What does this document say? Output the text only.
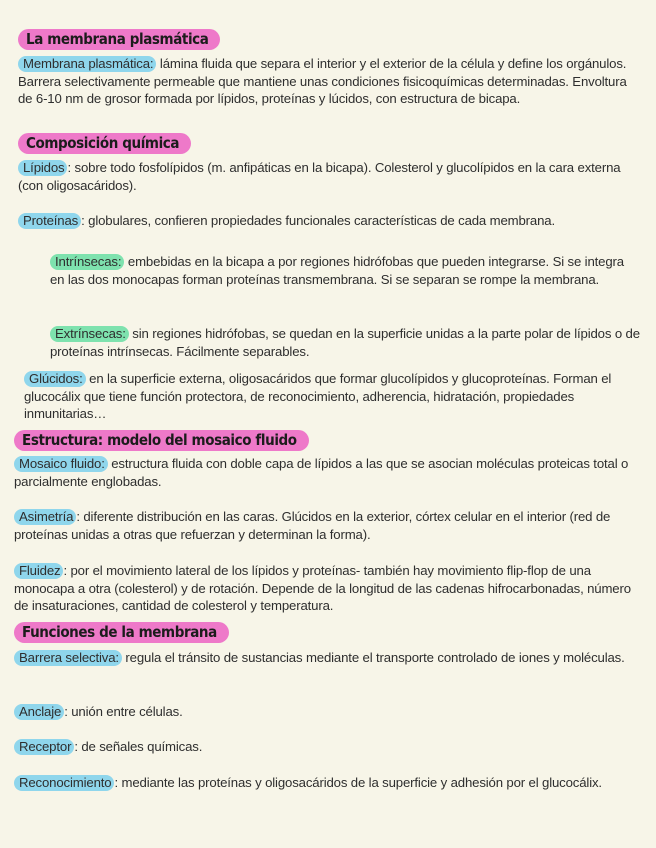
La membrana plasmática
Membrana plasmática: lámina fluida que separa el interior y el exterior de la célula y define los orgánulos. Barrera selectivamente permeable que mantiene unas condiciones fisicoquímicas determinadas. Envoltura de 6-10 nm de grosor formada por lípidos, proteínas y lúcidos, con estructura de bicapa.
Composición química
Lípidos : sobre todo fosfolípidos (m. anfipáticas en la bicapa). Colesterol y glucolípidos en la cara externa (con oligosacáridos).
Proteínas : globulares, confieren propiedades funcionales características de cada membrana.
Intrínsecas: embebidas en la bicapa a por regiones hidrófobas que pueden integrarse. Si se integra en las dos monocapas forman proteínas transmembrana. Si se separan se rompe la membrana.
Extrínsecas: sin regiones hidrófobas, se quedan en la superficie unidas a la parte polar de lípidos o de proteínas intrínsecas. Fácilmente separables.
Glúcidos: en la superficie externa, oligosacáridos que formar glucolípidos y glucoproteínas. Forman el glucocálix que tiene función protectora, de reconocimiento, adherencia, hidratación, propiedades inmunitarias…
Estructura: modelo del mosaico fluido
Mosaico fluido: estructura fluida con doble capa de lípidos a las que se asocian moléculas proteicas total o parcialmente englobadas.
Asimetría : diferente distribución en las caras. Glúcidos en la exterior, córtex celular en el interior (red de proteínas unidas a otras que refuerzan y determinan la forma).
Fluidez : por el movimiento lateral de los lípidos y proteínas- también hay movimiento flip-flop de una monocapa a otra (colesterol) y de rotación. Depende de la longitud de las cadenas hifrocarbonadas, número de insaturaciones, cantidad de colesterol y temperatura.
Funciones de la membrana
Barrera selectiva: regula el tránsito de sustancias mediante el transporte controlado de iones y moléculas.
Anclaje : unión entre células.
Receptor : de señales químicas.
Reconocimiento : mediante las proteínas y oligosacáridos de la superficie y adhesión por el glucocálix.
